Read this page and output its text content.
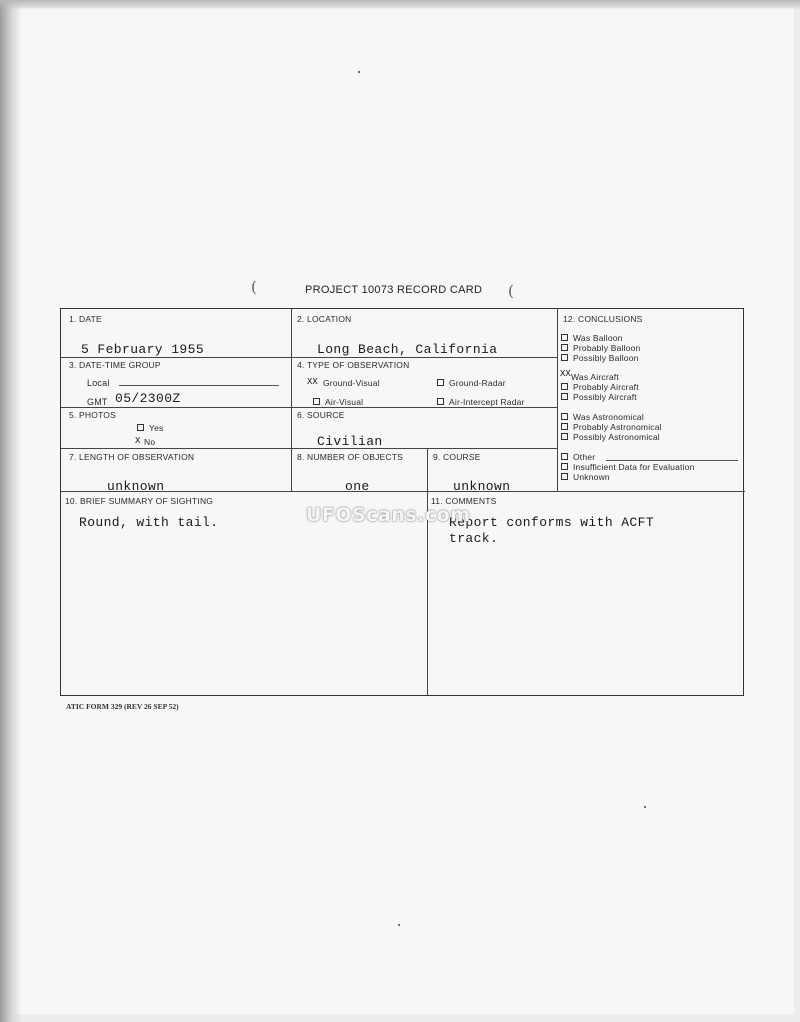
(	PROJECT 10073 RECORD CARD (
1. DATE
5 February 1955
2. LOCATION
Long Beach, California
3. DATE-TIME GROUP
Local
GMT 05/2300Z
4. TYPE OF OBSERVATION
XX Ground-Visual	Ground-Radar
Air-Visual	Air-Intercept Radar
5. PHOTOS
Yes
X No
6. SOURCE
Civilian
7. LENGTH OF OBSERVATION
unknown
8. NUMBER OF OBJECTS
one
9. COURSE
unknown
10. BRIEF SUMMARY OF SIGHTING
Round, with tail.
11. COMMENTS
Report conforms with ACFT
track.
12. CONCLUSIONS
Was Balloon
Probably Balloon
Possibly Balloon
XX Was Aircraft
Probably Aircraft
Possibly Aircraft
Was Astronomical
Probably Astronomical
Possibly Astronomical
Other
Insufficient Data for Evaluation
Unknown
ATIC FORM 329 (REV 26 SEP 52)
UFOScans.com
